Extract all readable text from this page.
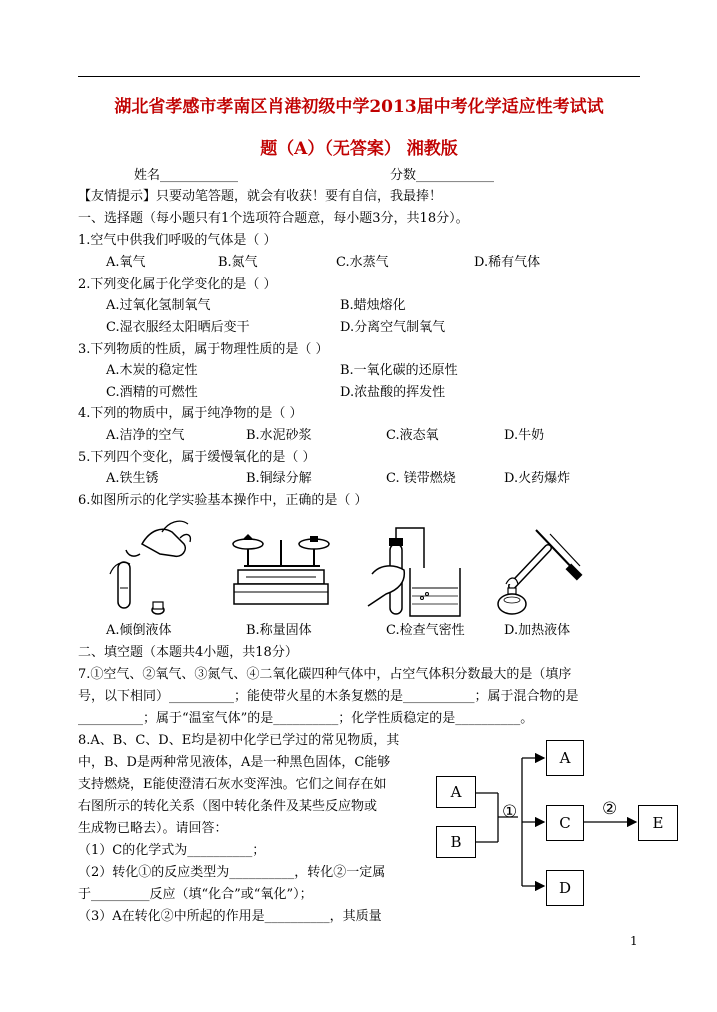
湖北省孝感市孝南区肖港初级中学2013届中考化学适应性考试试
题（A）（无答案） 湘教版
姓名____________	分数____________
【友情提示】只要动笔答题，就会有收获！要有自信，我最捧！
一、选择题（每小题只有1个选项符合题意，每小题3分，共18分）。
1.空气中供我们呼吸的气体是（ ）
A.氧气	B.氮气	C.水蒸气	D.稀有气体
2.下列变化属于化学变化的是（ ）
A.过氧化氢制氧气	B.蜡烛熔化
C.湿衣服经太阳晒后变干	D.分离空气制氧气
3.下列物质的性质，属于物理性质的是（ ）
A.木炭的稳定性	B.一氧化碳的还原性
C.酒精的可燃性	D.浓盐酸的挥发性
4.下列的物质中，属于纯净物的是（ ）
A.洁净的空气	B.水泥砂浆	C.液态氧	D.牛奶
5.下列四个变化，属于缓慢氧化的是（ ）
A.铁生锈	B.铜绿分解	C. 镁带燃烧	D.火药爆炸
6.如图所示的化学实验基本操作中，正确的是（ ）
A.倾倒液体	B.称量固体	C.检查气密性	D.加热液体
二、填空题（本题共4小题，共18分）
7.①空气、②氧气、③氮气、④二氧化碳四种气体中，占空气体积分数最大的是（填序
号，以下相同）__________；能使带火星的木条复燃的是___________；属于混合物的是
__________；属于“温室气体”的是__________；化学性质稳定的是__________。
8.A、B、C、D、E均是初中化学已学过的常见物质，其
中，B、D是两种常见液体，A是一种黑色固体，C能够
支持燃烧，E能使澄清石灰水变浑浊。它们之间存在如
右图所示的转化关系（图中转化条件及某些反应物或
生成物已略去）。请回答：
（1）C的化学式为__________；
（2）转化①的反应类型为__________，转化②一定属
于_________反应（填“化合”或“氧化”）；
（3）A在转化②中所起的作用是__________，其质量
A
B
A
C
D
E
①	②
1
